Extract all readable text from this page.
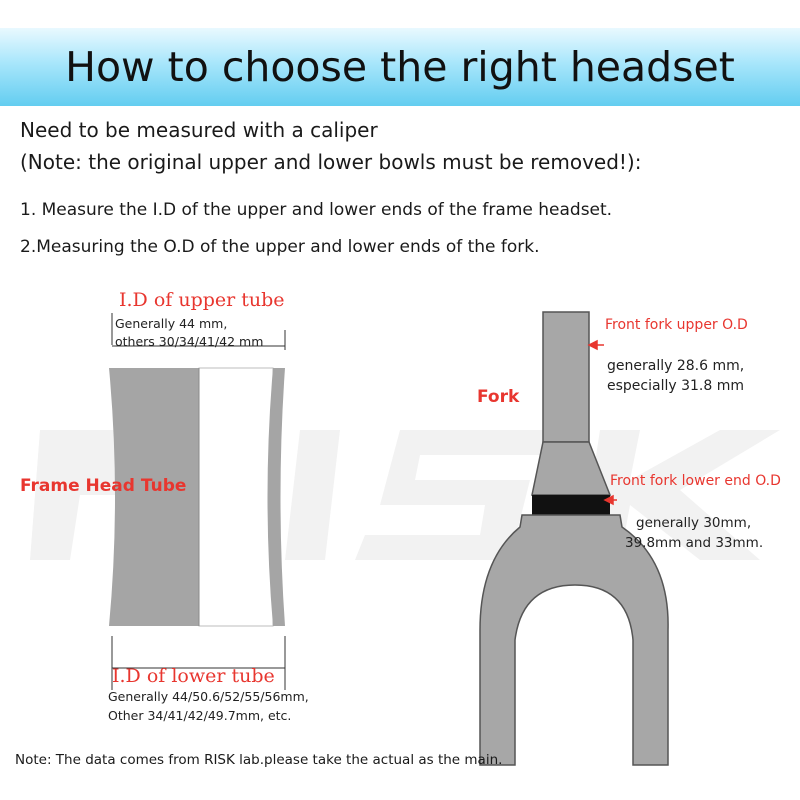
How to choose the right headset
Need to be measured with a caliper
(Note: the original upper and lower bowls must be removed!):
1. Measure the I.D of the upper and lower ends of the frame headset.
2.Measuring the O.D of the upper and lower ends of the fork.
I.D of upper tube
Generally 44 mm,
others 30/34/41/42 mm
Frame Head Tube
I.D of lower tube
Generally 44/50.6/52/55/56mm,
Other 34/41/42/49.7mm, etc.
Fork
Front fork upper O.D
generally 28.6 mm,
especially 31.8 mm
Front fork lower end O.D
generally 30mm,
39.8mm and 33mm.
Note: The data comes from RISK lab.please take the actual as the main.
